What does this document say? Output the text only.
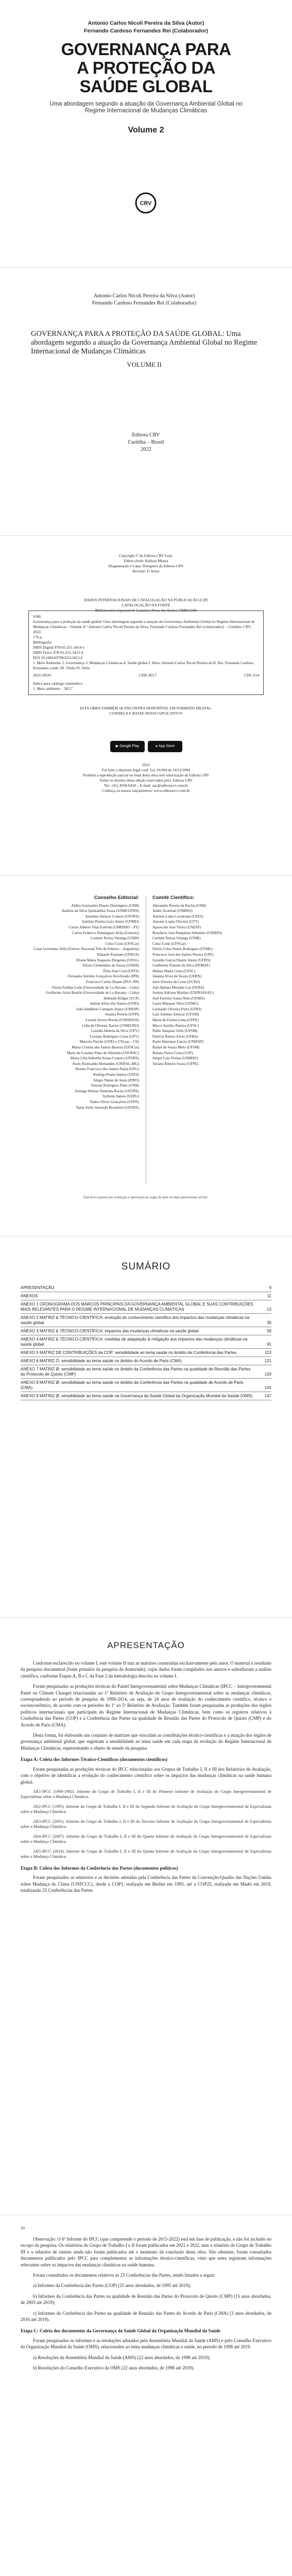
Antonio Carlos Nicoli Pereira da Silva (Autor)
Fernando Cardoso Fernandes Rei (Colaborador)
GOVERNANÇA PARA
A PROTEÇÃO DA
SAÚDE GLOBAL
Uma abordagem segundo a atuação da Governança Ambiental Global no Regime Internacional de Mudanças Climáticas
Volume 2
CRV
Antonio Carlos Nicoli Pereira da Silva (Autor)
Fernando Cardoso Fernandes Rei (Colaborador)
GOVERNANÇA PARA A PROTEÇÃO DA SAÚDE GLOBAL: Uma abordagem segundo a atuação da Governança Ambiental Global no Regime Internacional de Mudanças Climáticas
VOLUME II
Editora CRV
Curitiba – Brasil
2022
Copyright © da Editora CRV Ltda.
Editor-chefe: Railson Moura
Diagramação e Capa: Designers da Editora CRV
Revisão: O Autor
DADOS INTERNACIONAIS DE CATALOGAÇÃO NA PUBLICAÇÃO (CIP)
CATALOGAÇÃO NA FONTE
Bibliotecária responsável: Luzenira Alves dos Santos CRB9/1506
S586
Governança para a proteção da saúde global: Uma abordagem segundo a atuação da Governança Ambiental Global no Regime Internacional de Mudanças Climáticas – Volume II / Antonio Carlos Nicoli Pereira da Silva, Fernando Cardoso Fernandes Rei (colaborador). – Curitiba: CRV, 2022.
176 p.
Bibliografia
ISBN Digital 978-65-251-3414-1
ISBN Físico 978-65-251-3413-4
DOI 10.24824/978652513413.4
1. Meio Ambiente 2. Governança 3. Mudanças Climáticas 4. Saúde global I. Silva, Antonio Carlos Nicoli Pereira da II. Rei, Fernando Cardoso Fernandes colab. III. Título IV. Série
2022-28501	CDD 363.7	CDU 614
Índice para catálogo sistemático
1. Meio ambiente – 363.7
ESTA OBRA TAMBÉM SE ENCONTRA DISPONÍVEL EM FORMATO DIGITAL.
CONHEÇA E BAIXE NOSSO APLICATIVO!
▶ Google Play	● App Store
2022
Foi feito o depósito legal conf. Lei 10.994 de 14/12/2004
Proibida a reprodução parcial ou total desta obra sem autorização da Editora CRV
Todos os direitos desta edição reservados pela: Editora CRV
Tel.: (41) 3039-6418 – E-mail: sac@editoracrv.com.br
Conheça os nossos lançamentos: www.editoracrv.com.br
Conselho Editorial:
Aldira Guimarães Duarte Domínguez (UNB)
Andréia da Silva Quintanilha Sousa (UNIR/UFRN)
Anselmo Alencar Colares (UFOPA)
Antônio Pereira Gaio Júnior (UFRRJ)
Carlos Alberto Vilar Estêvão (UMINHO – PT)
Carlos Federico Dominguez Avila (Unieuro)
Carmen Tereza Velanga (UNIR)
Celso Conti (UFSCar)
Cesar Gerónimo Tello (Univer. Nacional Três de Febrero – Argentina)
Eduardo Pazinato (UFRGS)
Elione Maria Nogueira Diogenes (UFAL)
Elizeu Clementino de Souza (UNEB)
Élsio José Corá (UFFS)
Fernando Antônio Gonçalves Alcoforado (IPB)
Francisco Carlos Duarte (PUC-PR)
Gloria Fariñas León (Universidade de La Havana – Cuba)
Guillermo Arias Beatón (Universidade de La Havana – Cuba)
Helmuth Krüger (UCP)
Jailson Alves dos Santos (UFRJ)
João Adalberto Campato Junior (UNESP)
Josania Portela (UFPI)
Leonel Severo Rocha (UNISINOS)
Lídia de Oliveira Xavier (UNIEURO)
Lourdes Helena da Silva (UFV)
Luciano Rodrigues Costa (UFV)
Marcelo Paixão (UFRJ e UTexas – US)
Maria Cristina dos Santos Bezerra (UFSCar)
Maria de Lourdes Pinto de Almeida (UNOESC)
Maria Lília Imbiriba Sousa Colares (UFOPA)
Paulo Romualdo Hernandes (UNIFAL-MG)
Renato Francisco dos Santos Paula (UFG)
Rodrigo Pratte-Santos (UFES)
Sérgio Nunes de Jesus (IFRO)
Simone Rodrigues Pinto (UNB)
Solange Helena Ximenes-Rocha (UFOPA)
Sydione Santos (UEPG)
Tadeu Oliver Gonçalves (UFPA)
Tania Suely Azevedo Brasileiro (UFOPA)
Comitê Científico:
Alexandre Pereira da Rocha (UNB)
Andre Acselrad (UNIRIO)
Antônio Lima Cavalcanti (UFES)
Antonio Lopes Oliveira (UFT)
Aparecido José Vieira (UNESP)
Bonifácio José Pamplona Sobrinho (UNIRIO)
Carmen Tereza Velanga (UNIR)
Celso Conti (UFSCar)
Flávio Celso Nunes Rodrigues (UFMG)
Francisco José dos Santos Pereira (UPF)
Geraldo Garcia Duarte Júnior (UFRN)
Guilherme Parente da Silva (FEMAF)
Helena Maria Costa (UFSC)
Janaina Alves de Souza (UERN)
Jairo Silveira da Costa (UCPel)
João Batista Miranda Luz (FEBA)
Joelma Adriana Martins (UNINASSAU)
José Ferreira Souza Neto (UEMA)
Laura Marques Silva (UFMG)
Leonardo Oliveira Porto (UFRJ)
Luiz Antônio Alencar (UFAM)
Maria de Fátima Lima (UFPE)
Marco Aurélio Pereira (UFSC)
Pablo Sampaio Ortiz (UFSM)
Patrícia Ramos Alves (UFBA)
Paulo Henrique Garcia (UNIFAP)
Rafael de Souza Melo (UFSM)
Renata Vieira Costa (USP)
Sérgio Luiz Freitas (UNIRIO)
Tatiana Ribeiro Souza (UFPE)
Este livro passou por avaliação e aprovação às cegas de dois ou mais pareceristas ad hoc.
SUMÁRIO
APRESENTAÇÃO	9
ANEXOS	11
ANEXO 1 CRONOGRAMA DOS MARCOS PRINCIPAIS DA GOVERNANÇA AMBIENTAL GLOBAL E SUAS CONTRIBUIÇÕES MAIS RELEVANTES PARA O REGIME INTERNACIONAL DE MUDANÇAS CLIMÁTICAS	13
ANEXO 2 MATRIZ & TÉCNICO-CIENTÍFICA: evolução do conhecimento científico dos impactos das mudanças climáticas na saúde global	35
ANEXO 3 MATRIZ & TÉCNICO-CIENTÍFICA: impactos das mudanças climáticas na saúde global	59
ANEXO 4 MATRIZ & TÉCNICO-CIENTÍFICA: medidas de adaptação & mitigação aos impactos das mudanças climáticas na saúde global	91
ANEXO 5 MATRIZ DE CONTRIBUIÇÕES da COP: sensibilidade ao tema saúde no âmbito da Conferência das Partes	113
ANEXO 6 MATRIZ Ó: sensibilidade ao tema saúde no âmbito do Acordo de Paris (CMA)	121
ANEXO 7 MATRIZ Ø: sensibilidade ao tema saúde no âmbito da Conferência das Partes na qualidade de Reunião das Partes do Protocolo de Quioto (CMP)	133
ANEXO 8 MATRIZ Ø: sensibilidade ao tema saúde no âmbito da Conferência das Partes na qualidade de Acordo de Paris (CMA)	141
ANEXO 9 MATRIZ Ø: sensibilidade ao tema saúde na Governança da Saúde Global da Organização Mundial da Saúde (OMS)	147
APRESENTAÇÃO

Conforme esclarecido no volume I, este volume II traz as matrizes construídas exclusivamente pelo autor. O material é resultado da pesquisa documental (fonte primária da pesquisa de doutorado), cujos dados foram compilados nos anexos e subsidiaram a análise científica, conforme Etapas A, B e C da Fase 2 da metodologia descrita no volume I.

Foram pesquisadas as produções técnicas do Painel Intergovernamental sobre Mudanças Climáticas (IPCC – Intergovernmental Panel on Climate Change) relacionadas ao 1º Relatório de Avaliação do Grupo Intergovernamental sobre as mudanças climáticas, correspondendo ao período de pesquisa de 1990-2014, ou seja, de 24 anos de avaliação do conhecimento científico, técnico e socioeconômico, de acordo com os períodos do 1º ao 5º Relatório de Avaliação. Também foram pesquisadas as produções dos órgãos políticos internacionais que participam do Regime Internacional de Mudanças Climáticas, bem como os registros relativos à Conferência das Partes (COP) e à Conferência das Partes na qualidade de Reunião das Partes do Protocolo de Quioto (CMP) e do Acordo de Paris (CMA).

Desta forma, foi elaborado um conjunto de matrizes que vinculam as contribuições técnico-científicas e a atuação dos órgãos de governança ambiental global, que registram a sensibilidade ao tema saúde em cada etapa da evolução do Regime Internacional de Mudanças Climáticas, representando o objeto de estudo da pesquisa.

Etapa A: Coleta dos Informes Técnico-Científicos (documentos científicos)

Foram pesquisadas as produções técnicas do IPCC relacionadas aos Grupos de Trabalho I, II e III dos Relatórios de Avaliação, com o objetivo de identificar a evolução do conhecimento científico sobre os impactos das mudanças climáticas na saúde humana global.

AR1-IPCC (1990-1992). Informe do Grupo de Trabalho I, II e III do Primeiro Informe de Avaliação do Grupo Intergovernamental de Especialistas sobre a Mudança Climática.

AR2-IPCC (1995). Informe do Grupo de Trabalho I, II e III do Segundo Informe de Avaliação do Grupo Intergovernamental de Especialistas sobre a Mudança Climática.

AR3-IPCC (2001). Informe do Grupo de Trabalho I, II e III do Terceiro Informe de Avaliação do Grupo Intergovernamental de Especialistas sobre a Mudança Climática.

AR4-IPCC (2007). Informe do Grupo de Trabalho I, II e III do Quarto Informe de Avaliação do Grupo Intergovernamental de Especialistas sobre a Mudança Climática.

AR5-IPCC (2014). Informe do Grupo de Trabalho I, II e III do Quinto Informe de Avaliação do Grupo Intergovernamental de Especialistas sobre a Mudança Climática.

Etapa B: Coleta dos Informes da Conferência das Partes (documentos políticos)

Foram pesquisados os relatórios e as decisões adotadas pela Conferência das Partes da Convenção-Quadro das Nações Unidas sobre Mudança do Clima (UNFCCC), desde a COP1, realizada em Berlim em 1995, até a COP25, realizada em Madri em 2019, totalizando 25 Conferências das Partes.

10

Observação: O 6º Informe do IPCC (que compreende o período de 2015-2022) está em fase de publicação, e não foi incluído no escopo da pesquisa. Os relatórios do Grupo de Trabalho I e II foram publicados em 2021 e 2022, mas o relatório do Grupo de Trabalho III e o relatório de síntese ainda não foram publicados até o momento da conclusão desta obra. Não obstante, foram consultados documentos publicados pelo IPCC para complementar as informações técnico-científicas, visto que estes registram informações relevantes sobre os impactos das mudanças climáticas na saúde humana.

Foram consultados os documentos relativos às 25 Conferências das Partes, sendo listados a seguir:

a) Informes da Conferência das Partes (COP) (25 anos abordados, de 1995 até 2019);

b) Informes da Conferência das Partes na qualidade de Reunião das Partes do Protocolo de Quioto (CMP) (15 anos abordados, de 2005 até 2019);

c) Informes da Conferência das Partes na qualidade de Reunião das Partes do Acordo de Paris (CMA) (3 anos abordados, de 2016 até 2019).

Etapa C: Coleta dos documentos da Governança da Saúde Global da Organização Mundial da Saúde

Foram pesquisados os informes e as resoluções adotados pela Assembleia Mundial da Saúde (AMS) e pelo Conselho Executivo da Organização Mundial da Saúde (OMS), relacionados ao tema mudanças climáticas e saúde, no período de 1998 até 2019.

a) Resoluções da Assembleia Mundial da Saúde (AMS) (22 anos abordados, de 1998 até 2019);

b) Resoluções do Conselho Executivo da OMS (22 anos abordados, de 1998 até 2019).
